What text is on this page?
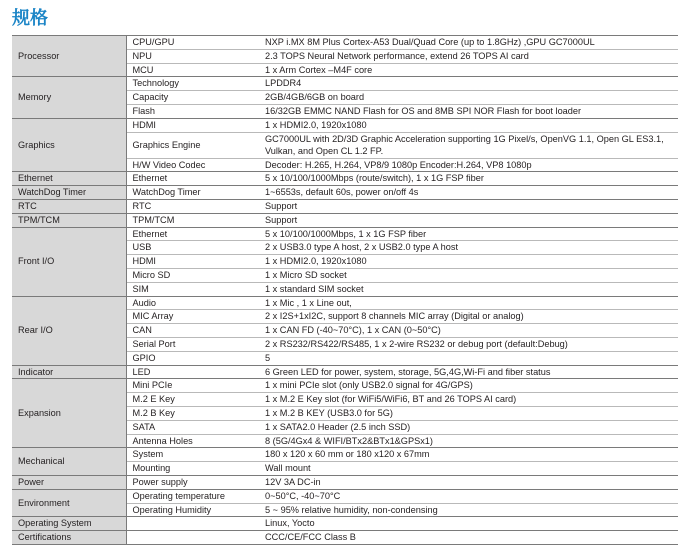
规格
Processor	CPU/GPU	NXP i.MX 8M Plus Cortex-A53 Dual/Quad Core (up to 1.8GHz) ,GPU GC7000UL
	NPU	2.3 TOPS Neural Network performance, extend 26 TOPS AI card
	MCU	1 x Arm Cortex –M4F core
Memory	Technology	LPDDR4
	Capacity	2GB/4GB/6GB on board
	Flash	16/32GB EMMC NAND Flash for OS and 8MB SPI NOR Flash for boot loader
Graphics	HDMI	1 x HDMI2.0, 1920x1080
	Graphics Engine	GC7000UL with 2D/3D Graphic Acceleration supporting 1G Pixel/s, OpenVG 1.1, Open GL ES3.1, Vulkan, and Open CL 1.2 FP.
	H/W Video Codec	Decoder: H.265, H.264, VP8/9 1080p Encoder:H.264, VP8 1080p
Ethernet	Ethernet	5 x 10/100/1000Mbps (route/switch), 1 x 1G FSP fiber
WatchDog Timer	WatchDog Timer	1~6553s, default 60s, power on/off 4s
RTC	RTC	Support
TPM/TCM	TPM/TCM	Support
Front I/O	Ethernet	5 x 10/100/1000Mbps, 1 x 1G FSP fiber
	USB	2 x USB3.0 type A host, 2 x USB2.0 type A host
	HDMI	1 x HDMI2.0, 1920x1080
	Micro SD	1 x Micro SD socket
	SIM	1 x standard SIM socket
Rear I/O	Audio	1 x Mic , 1 x Line out,
	MIC Array	2 x I2S+1xI2C, support 8 channels MIC array (Digital or analog)
	CAN	1 x CAN FD (-40~70°C), 1 x CAN (0~50°C)
	Serial Port	2 x RS232/RS422/RS485, 1 x 2-wire RS232 or debug port (default:Debug)
	GPIO	5
Indicator	LED	6 Green LED for power, system, storage, 5G,4G,Wi-Fi and fiber status
Expansion	Mini PCIe	1 x mini PCIe slot (only USB2.0 signal for 4G/GPS)
	M.2 E Key	1 x M.2 E Key slot (for WiFi5/WiFi6, BT and 26 TOPS AI card)
	M.2 B Key	1 x M.2 B KEY (USB3.0 for 5G)
	SATA	1 x SATA2.0 Header (2.5 inch SSD)
	Antenna Holes	8 (5G/4Gx4 & WIFI/BTx2&BTx1&GPSx1)
Mechanical	System	180 x 120 x 60 mm or 180 x120 x 67mm
	Mounting	Wall mount
Power	Power supply	12V 3A DC-in
Environment	Operating temperature	0~50°C, -40~70°C
	Operating Humidity	5 ~ 95% relative humidity, non-condensing
Operating System		Linux, Yocto
Certifications		CCC/CE/FCC Class B
